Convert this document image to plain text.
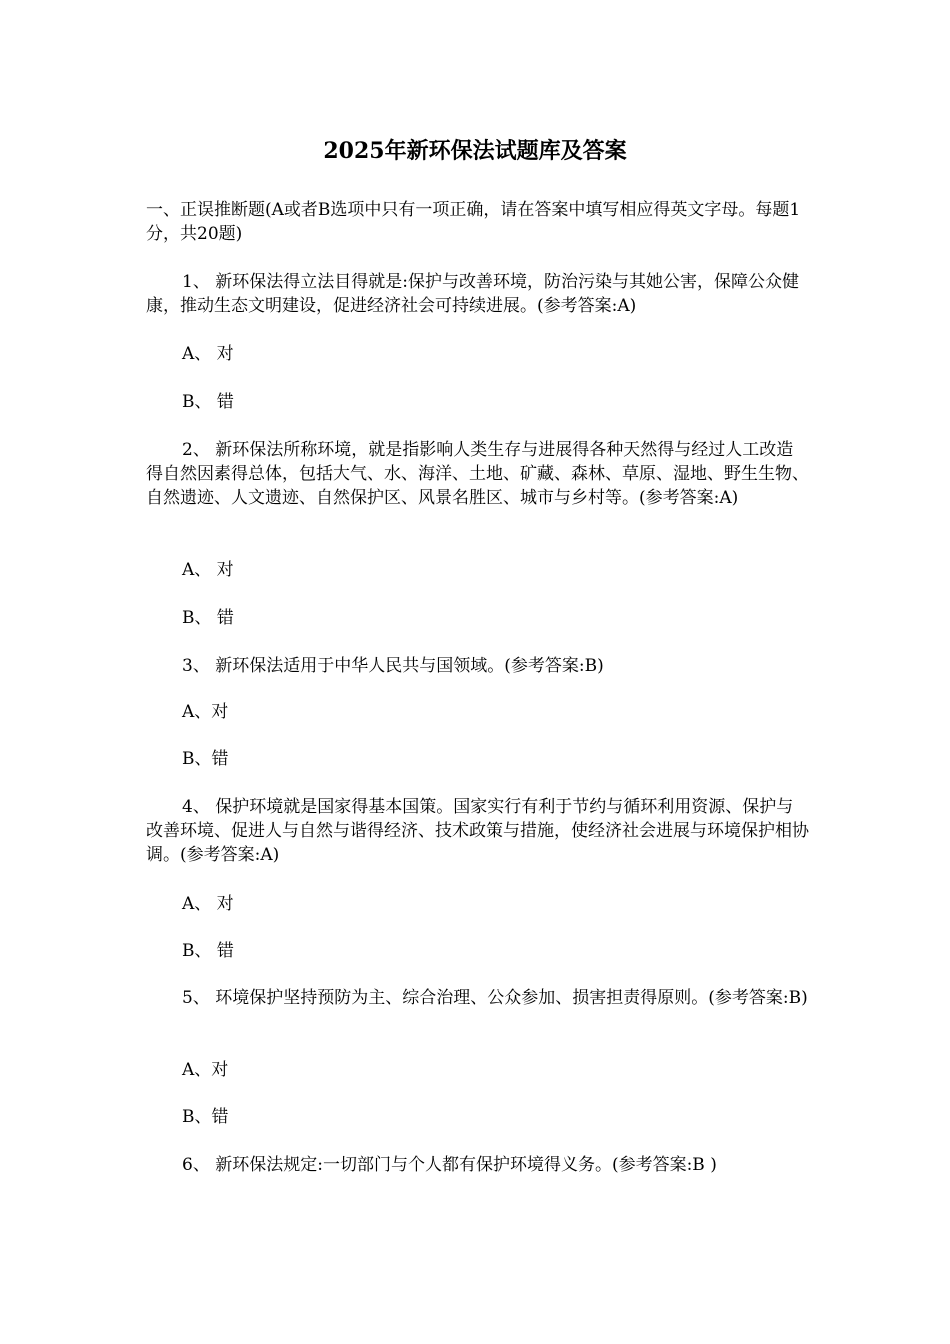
2025年新环保法试题库及答案

一、正误推断题(A或者B选项中只有一项正确，请在答案中填写相应得英文字母。每题1分，共20题)

1、 新环保法得立法目得就是:保护与改善环境，防治污染与其她公害，保障公众健康，推动生态文明建设，促进经济社会可持续进展。(参考答案:A)

A、 对

B、 错

2、 新环保法所称环境，就是指影响人类生存与进展得各种天然得与经过人工改造得自然因素得总体，包括大气、水、海洋、土地、矿藏、森林、草原、湿地、野生生物、自然遗迹、人文遗迹、自然保护区、风景名胜区、城市与乡村等。(参考答案:A)

A、 对

B、 错

3、 新环保法适用于中华人民共与国领域。(参考答案:B)

A、对

B、错

4、 保护环境就是国家得基本国策。国家实行有利于节约与循环利用资源、保护与改善环境、促进人与自然与谐得经济、技术政策与措施，使经济社会进展与环境保护相协调。(参考答案:A)

A、 对

B、 错

5、 环境保护坚持预防为主、综合治理、公众参加、损害担责得原则。(参考答案:B)

A、对

B、错

6、 新环保法规定:一切部门与个人都有保护环境得义务。(参考答案:B )
